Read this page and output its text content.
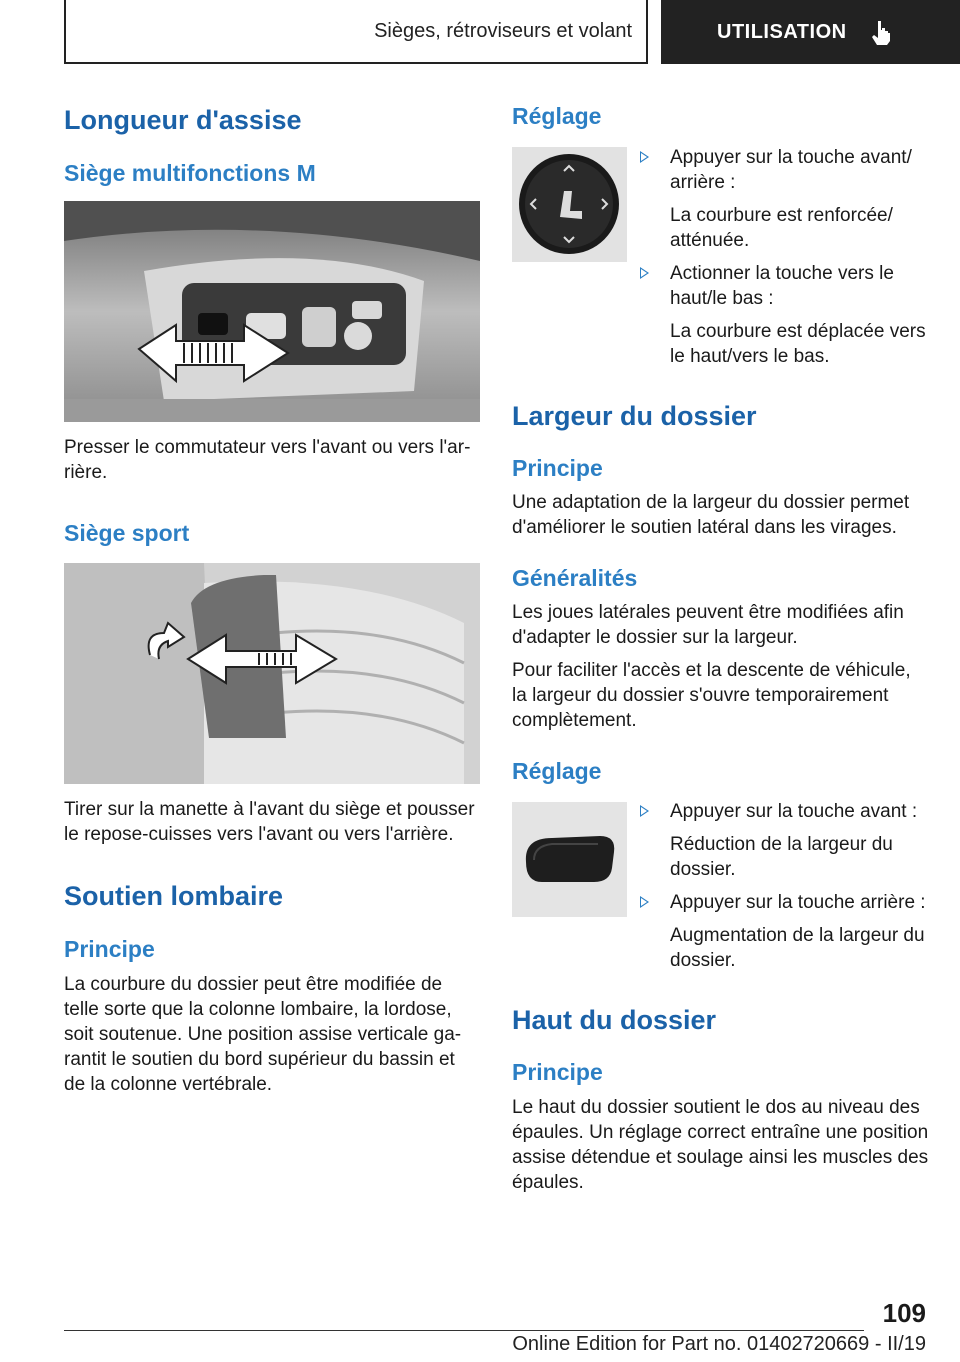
Sièges, rétroviseurs et volant	UTILISATION
Longueur d'assise
Siège multifonctions M

Presser le commutateur vers l'avant ou vers l'arrière.

Siège sport

Tirer sur la manette à l'avant du siège et pousser le repose-cuisses vers l'avant ou vers l'arrière.

Soutien lombaire
Principe

La courbure du dossier peut être modifiée de telle sorte que la colonne lombaire, la lordose, soit soutenue. Une position assise verticale garantit le soutien du bord supérieur du bassin et de la colonne vertébrale.

Réglage

Appuyer sur la touche avant/ arrière :

La courbure est renforcée/ atténuée.

Actionner la touche vers le haut/le bas :

La courbure est déplacée vers le haut/vers le bas.

Largeur du dossier
Principe

Une adaptation de la largeur du dossier permet d'améliorer le soutien latéral dans les virages.

Généralités

Les joues latérales peuvent être modifiées afin d'adapter le dossier sur la largeur.

Pour faciliter l'accès et la descente de véhicule, la largeur du dossier s'ouvre temporairement complètement.

Réglage

Appuyer sur la touche avant :

Réduction de la largeur du dossier.

Appuyer sur la touche arrière :

Augmentation de la largeur du dossier.

Haut du dossier
Principe

Le haut du dossier soutient le dos au niveau des épaules. Un réglage correct entraîne une position assise détendue et soulage ainsi les muscles des épaules.

109
Online Edition for Part no. 01402720669 - II/19
